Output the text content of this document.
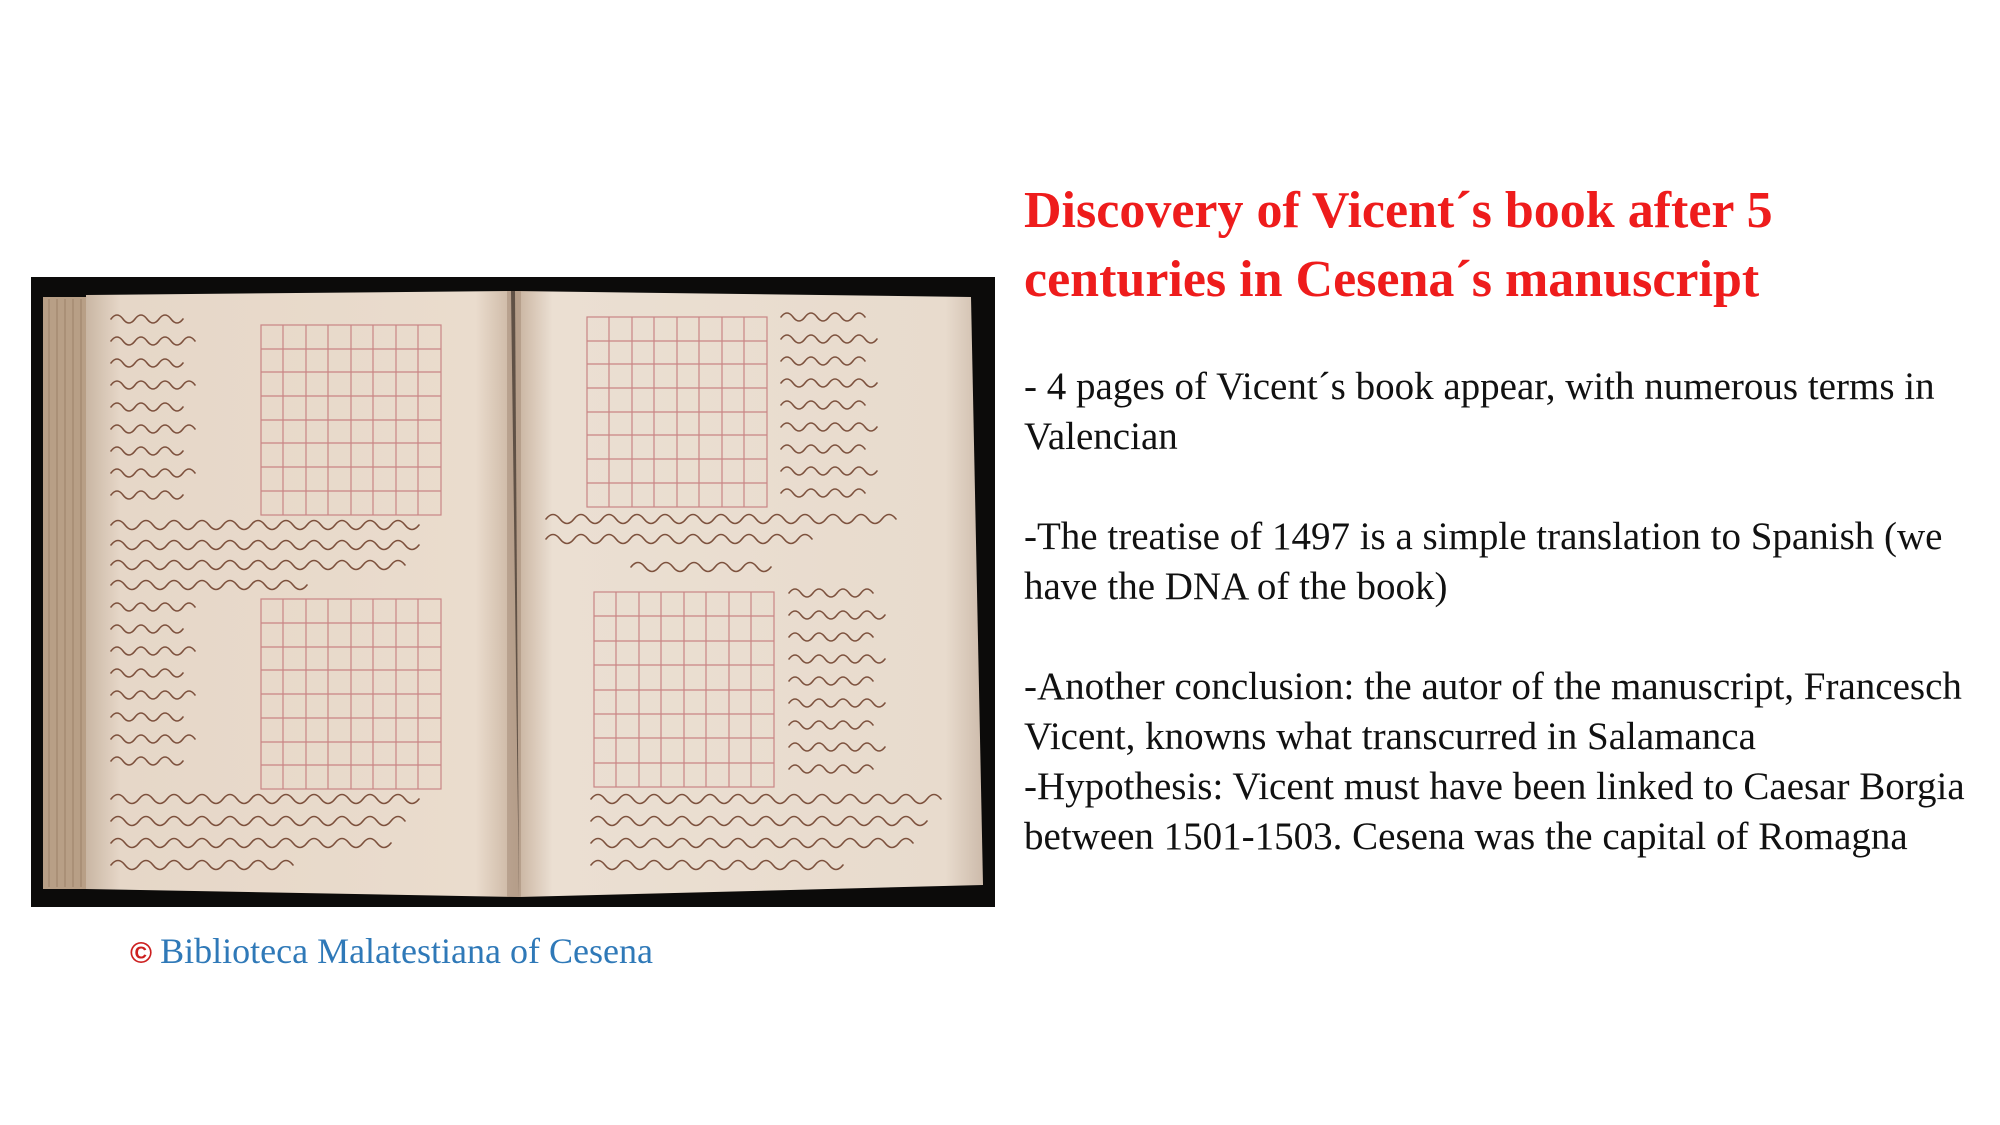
© Biblioteca Malatestiana of Cesena
Discovery of Vicent´s book after 5 centuries in Cesena´s manuscript

- 4 pages of Vicent´s book appear, with numerous terms in Valencian

-The treatise of 1497 is a simple translation to Spanish (we have the DNA of the book)

-Another conclusion: the autor of the manuscript, Francesch Vicent, knowns what transcurred in Salamanca

-Hypothesis: Vicent must have been linked to Caesar Borgia between 1501-1503. Cesena was the capital of Romagna
